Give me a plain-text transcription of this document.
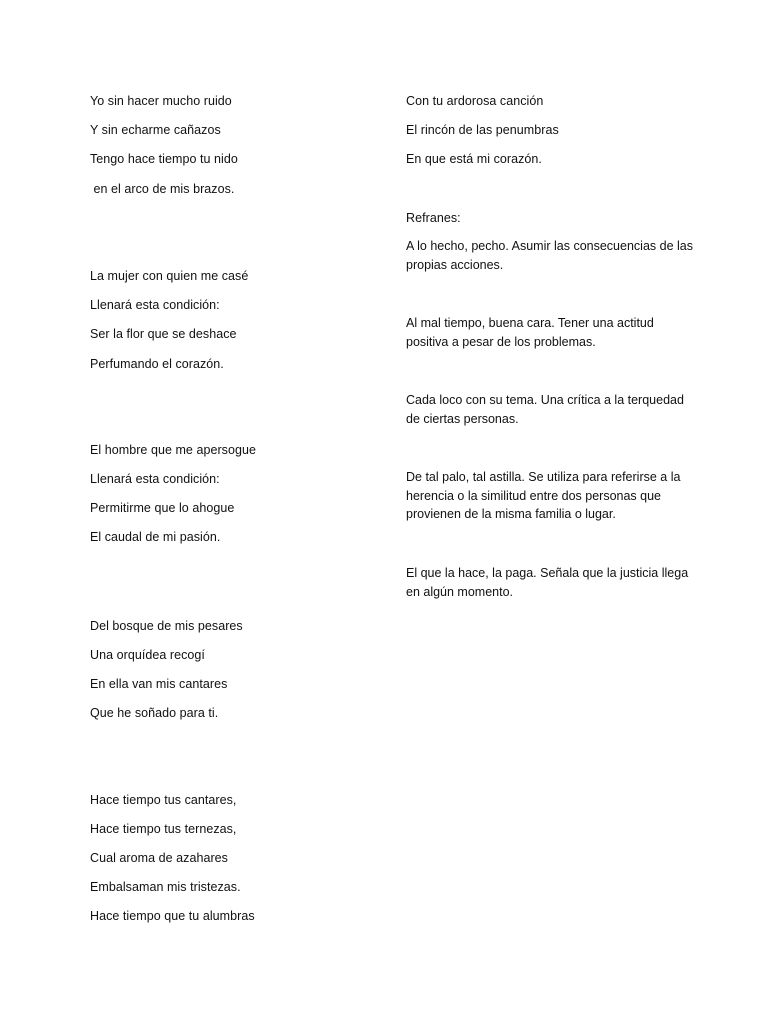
Yo sin hacer mucho ruido
Y sin echarme cañazos
Tengo hace tiempo tu nido
en el arco de mis brazos.
La mujer con quien me casé
Llenará esta condición:
Ser la flor que se deshace
Perfumando el corazón.
El hombre que me apersogue
Llenará esta condición:
Permitirme que lo ahogue
El caudal de mi pasión.
Del bosque de mis pesares
Una orquídea recogí
En ella van mis cantares
Que he soñado para ti.
Hace tiempo tus cantares,
Hace tiempo tus ternezas,
Cual aroma de azahares
Embalsaman mis tristezas.
Hace tiempo que tu alumbras
Con tu ardorosa canción
El rincón de las penumbras
En que está mi corazón.
Refranes:
A lo hecho, pecho. Asumir las consecuencias de las propias acciones.
Al mal tiempo, buena cara. Tener una actitud positiva a pesar de los problemas.
Cada loco con su tema. Una crítica a la terquedad de ciertas personas.
De tal palo, tal astilla. Se utiliza para referirse a la herencia o la similitud entre dos personas que provienen de la misma familia o lugar.
El que la hace, la paga. Señala que la justicia llega en algún momento.
